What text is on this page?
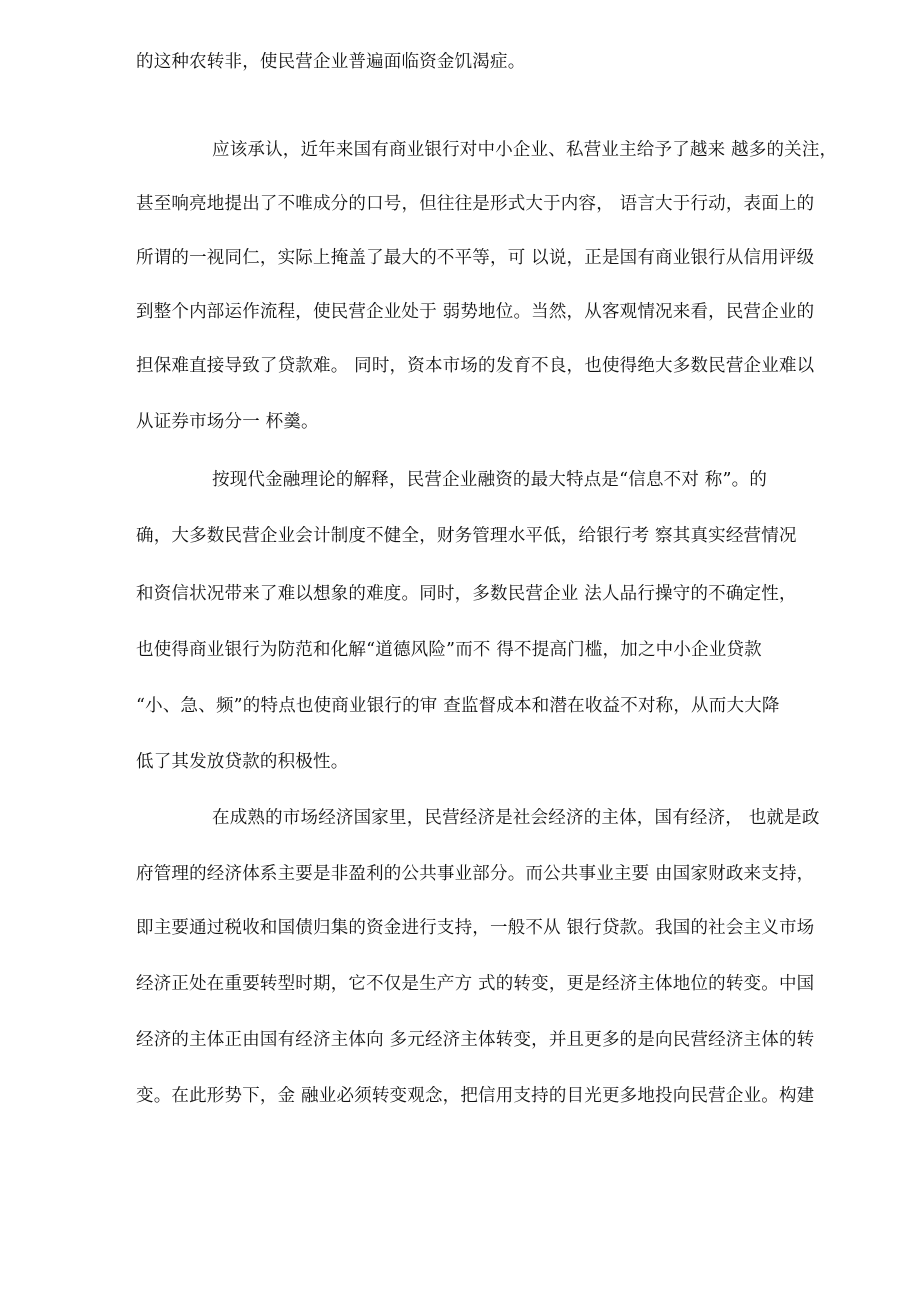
的这种农转非，使民营企业普遍面临资金饥渴症。
应该承认，近年来国有商业银行对中小企业、私营业主给予了越来 越多的关注，
甚至响亮地提出了不唯成分的口号，但往往是形式大于内容， 语言大于行动，表面上的
所谓的一视同仁，实际上掩盖了最大的不平等，可 以说，正是国有商业银行从信用评级
到整个内部运作流程，使民营企业处于 弱势地位。当然，从客观情况来看，民营企业的
担保难直接导致了贷款难。 同时，资本市场的发育不良，也使得绝大多数民营企业难以
从证券市场分一 杯羹。
按现代金融理论的解释，民营企业融资的最大特点是“信息不对 称”。的
确，大多数民营企业会计制度不健全，财务管理水平低，给银行考 察其真实经营情况
和资信状况带来了难以想象的难度。同时，多数民营企业 法人品行操守的不确定性，
也使得商业银行为防范和化解“道德风险”而不 得不提高门槛，加之中小企业贷款
“小、急、频”的特点也使商业银行的审 查监督成本和潜在收益不对称，从而大大降
低了其发放贷款的积极性。
在成熟的市场经济国家里，民营经济是社会经济的主体，国有经济， 也就是政
府管理的经济体系主要是非盈利的公共事业部分。而公共事业主要 由国家财政来支持，
即主要通过税收和国债归集的资金进行支持，一般不从 银行贷款。我国的社会主义市场
经济正处在重要转型时期，它不仅是生产方 式的转变，更是经济主体地位的转变。中国
经济的主体正由国有经济主体向 多元经济主体转变，并且更多的是向民营经济主体的转
变。在此形势下，金 融业必须转变观念，把信用支持的目光更多地投向民营企业。构建
